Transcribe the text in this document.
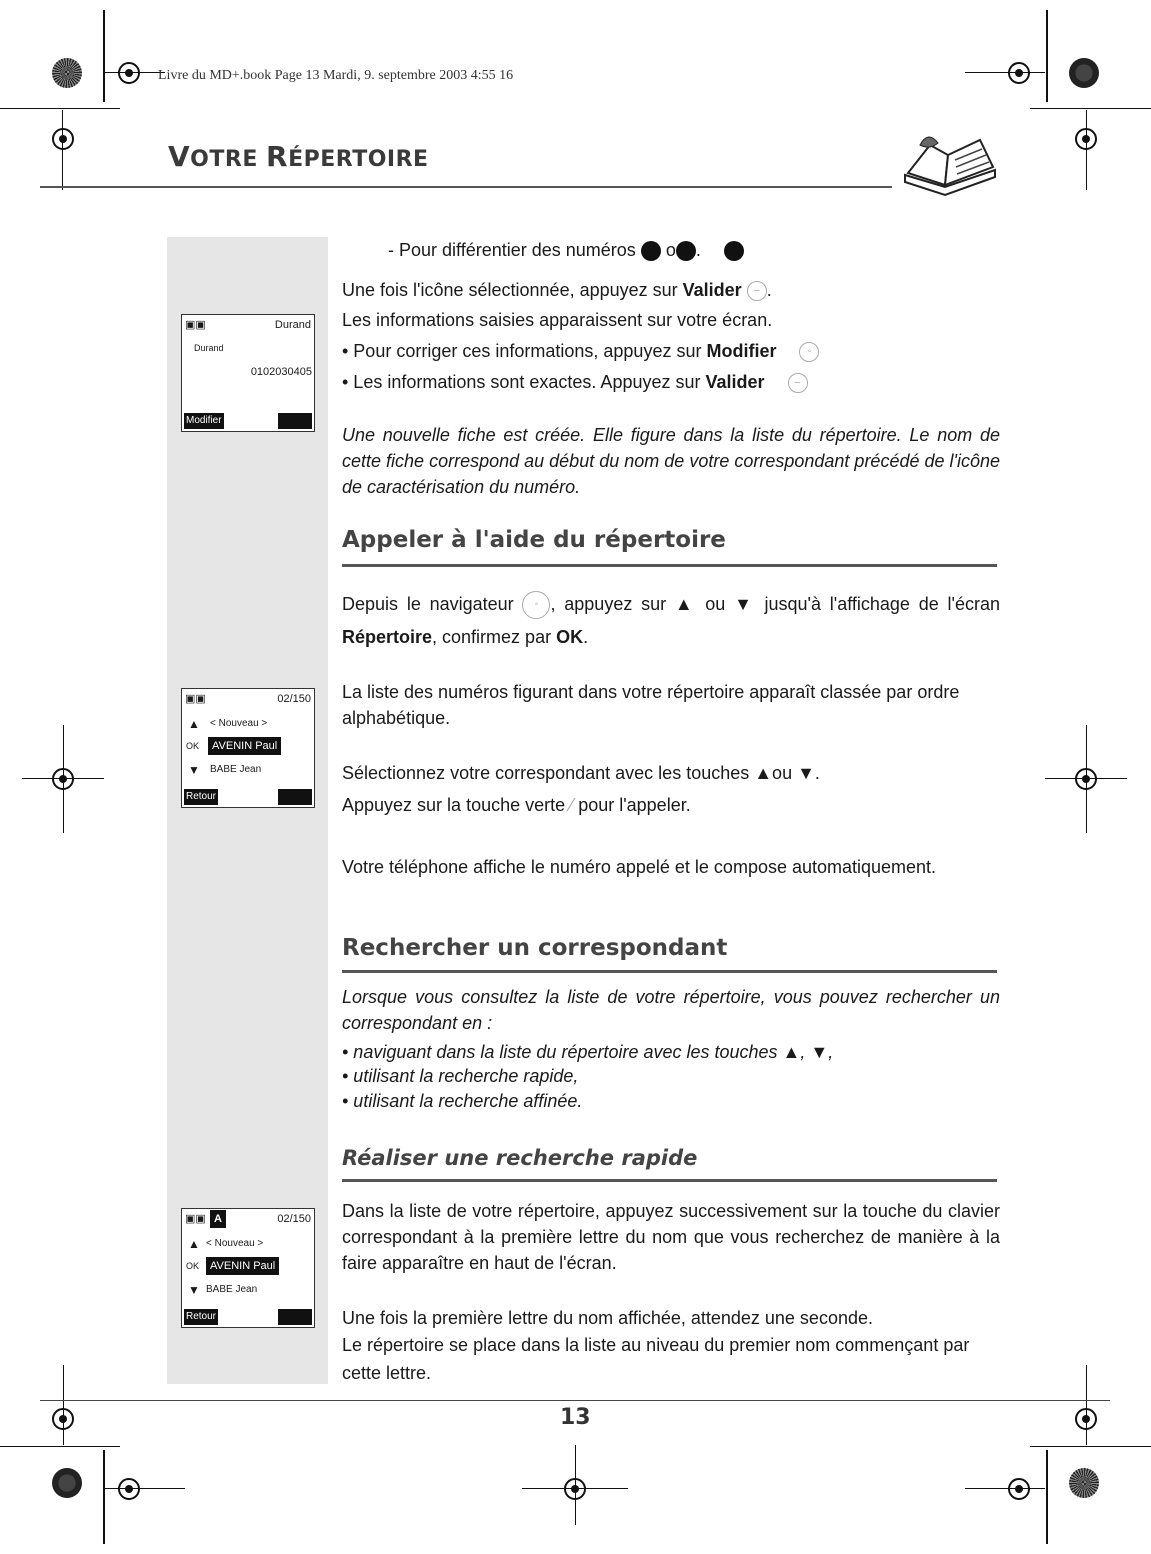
Livre du MD+.book Page 13 Mardi, 9. septembre 2003 4:55 16
VOTRE RÉPERTOIRE
▣▣	Durand
Durand
0102030405
Modifier
▣▣	02/150
▲ < Nouveau >
OK	AVENIN Paul
▼ BABE Jean
Retour
▣▣ A	02/150
▲ < Nouveau >
OK AVENIN Paul
▼ BABE Jean
Retour
- Pour différentier des numéros o .
Une fois l'icône sélectionnée, appuyez sur Valider – .
Les informations saisies apparaissent sur votre écran.
• Pour corriger ces informations, appuyez sur Modifier	◦
• Les informations sont exactes. Appuyez sur Valider	–
Une nouvelle fiche est créée. Elle figure dans la liste du répertoire. Le nom de cette fiche correspond au début du nom de votre correspondant précédé de l'icône de caractérisation du numéro.
Appeler à l'aide du répertoire
Depuis le navigateur ◦ , appuyez sur ▲ ou ▼ jusqu'à l'affichage de l'écran Répertoire, confirmez par OK.
La liste des numéros figurant dans votre répertoire apparaît classée par ordre alphabétique.
Sélectionnez votre correspondant avec les touches ▲ou ▼.
Appuyez sur la touche verte ⁄ pour l'appeler.
Votre téléphone affiche le numéro appelé et le compose automatiquement.
Rechercher un correspondant
Lorsque vous consultez la liste de votre répertoire, vous pouvez rechercher un correspondant en :
• naviguant dans la liste du répertoire avec les touches ▲, ▼,
• utilisant la recherche rapide,
• utilisant la recherche affinée.
Réaliser une recherche rapide
Dans la liste de votre répertoire, appuyez successivement sur la touche du clavier correspondant à la première lettre du nom que vous recherchez de manière à la faire apparaître en haut de l'écran.
Une fois la première lettre du nom affichée, attendez une seconde.
Le répertoire se place dans la liste au niveau du premier nom commençant par cette lettre.
13
